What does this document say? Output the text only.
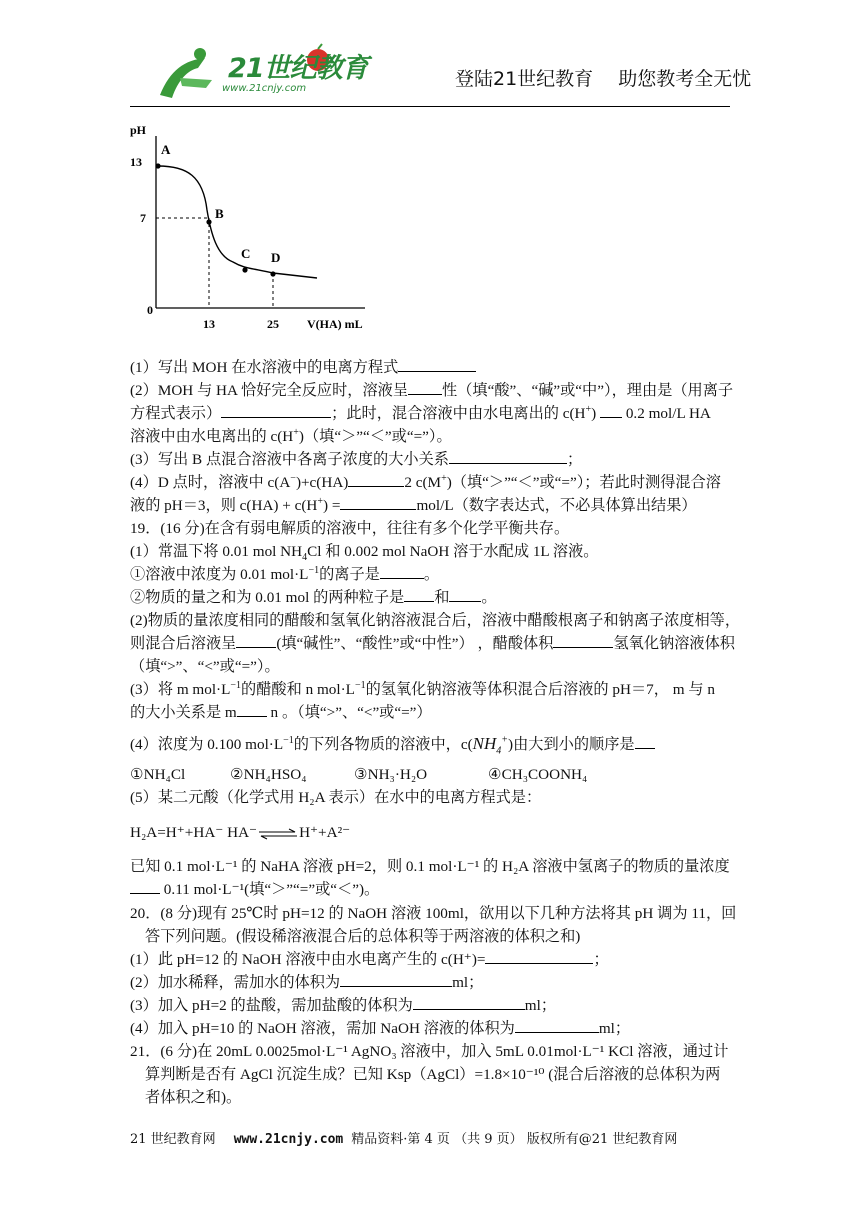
21世纪教育
www.21cnjy.com	登陆21世纪教育　 助您教考全无忧
pH
13
7
0
13	25 V(HA) mL
A
B
C D
(1）写出 MOH 在水溶液中的电离方程式
(2）MOH 与 HA 恰好完全反应时，溶液呈 性（填“酸”、“碱”或“中”），理由是（用离子
方程式表示）	；此时，混合溶液中由水电离出的 c(H+)  0.2 mol/L HA
溶液中由水电离出的 c(H+)（填“＞”“＜”或“=”）。
(3）写出 B 点混合溶液中各离子浓度的大小关系	；
(4）D 点时，溶液中 c(A−)+c(HA)	2 c(M+)（填“＞”“＜”或“=”）；若此时测得混合溶
液的 pH＝3，则 c(HA) + c(H+) =	mol/L（数字表达式，不必具体算出结果）
19．(16 分)在含有弱电解质的溶液中，往往有多个化学平衡共存。
(1）常温下将 0.01 mol $NH_4Cl$ 和 0.002 mol NaOH 溶于水配成 1L 溶液。
①溶液中浓度为 0.01 $mol\cdot L^{-1}$的离子是	。
②物质的量之和为 0.01 mol 的两种粒子是 和 。
(2)物质的量浓度相同的醋酸和氢氧化钠溶液混合后，溶液中醋酸根离子和钠离子浓度相等，
则混合后溶液呈	(填“碱性”、“酸性”或“中性”） ，醋酸体积	氢氧化钠溶液体积
（填“>”、“<”或“=”）。
(3）将 m $mol\cdot L^{-1}$的醋酸和 n $mol\cdot L^{-1}$的氢氧化钠溶液等体积混合后溶液的 pH＝7， m 与 n
的大小关系是 m n 。（填“>”、“<”或“=”）
(4）浓度为 0.100 $mol\cdot L^{-1}$的下列各物质的溶液中，$c(NH_4^+)$由大到小的顺序是
①NH₄Cl	②NH₄HSO₄	③NH₃·H₂O	④CH₃COONH₄
(5）某二元酸（化学式用 H₂A 表示）在水中的电离方程式是：
H₂A=H⁺+HA⁻ HA⁻⇌H⁺+A²⁻
已知 0.1 mol·L⁻¹ 的 NaHA 溶液 pH=2，则 0.1 mol·L⁻¹ 的 H₂A 溶液中氢离子的物质的量浓度
0.11 mol·L⁻¹(填“＞”“=”或“＜”)。
20．(8 分)现有 25℃时 pH=12 的 NaOH 溶液 100ml，欲用以下几种方法将其 pH 调为 11，回
答下列问题。(假设稀溶液混合后的总体积等于两溶液的体积之和)
(1）此 pH=12 的 NaOH 溶液中由水电离产生的 c(H⁺)=	；
(2）加水稀释，需加水的体积为	ml；
(3）加入 pH=2 的盐酸，需加盐酸的体积为	ml；
(4）加入 pH=10 的 NaOH 溶液，需加 NaOH 溶液的体积为	ml；
21．(6 分)在 20mL 0.0025mol·L⁻¹ AgNO₃ 溶液中，加入 5mL 0.01mol·L⁻¹ KCl 溶液，通过计
算判断是否有 AgCl 沉淀生成？已知 Ksp（AgCl）=1.8×10⁻¹⁰ (混合后溶液的总体积为两
者体积之和)。
21 世纪教育网 www.21cnjy.com 精品资料·第 4 页 （共 9 页） 版权所有@21 世纪教育网
